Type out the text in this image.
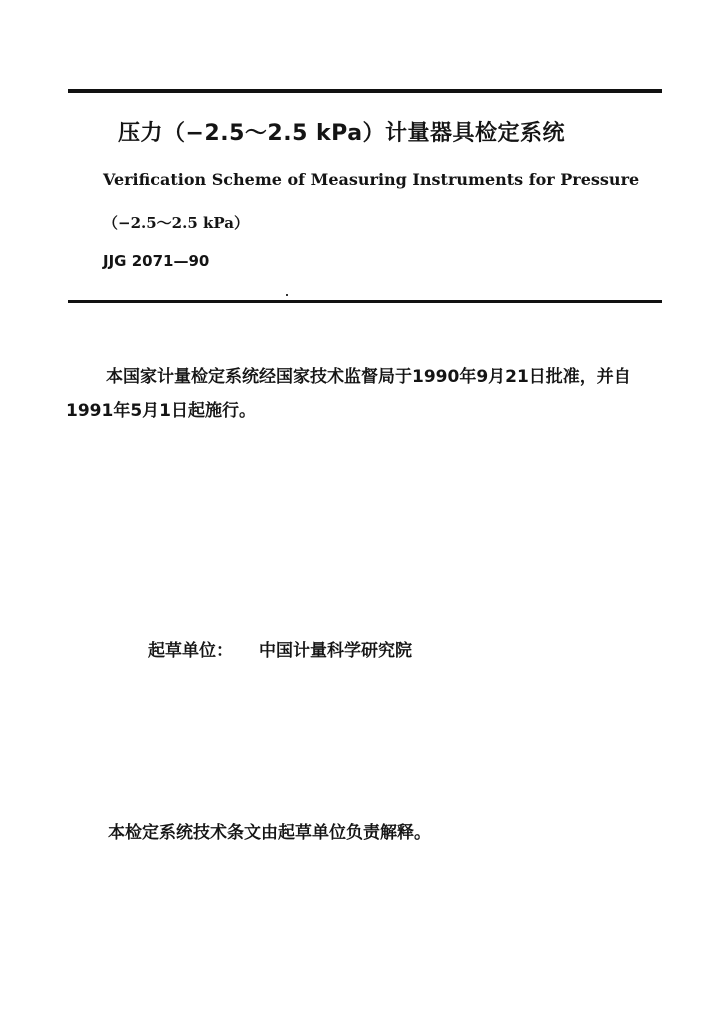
压力（−2.5～2.5 kPa）计量器具检定系统
Verification Scheme of Measuring Instruments for Pressure
（−2.5～2.5 kPa）
JJG 2071—90
本国家计量检定系统经国家技术监督局于1990年9月21日批准，并自1991年5月1日起施行。
起草单位： 中国计量科学研究院
本检定系统技术条文由起草单位负责解释。
